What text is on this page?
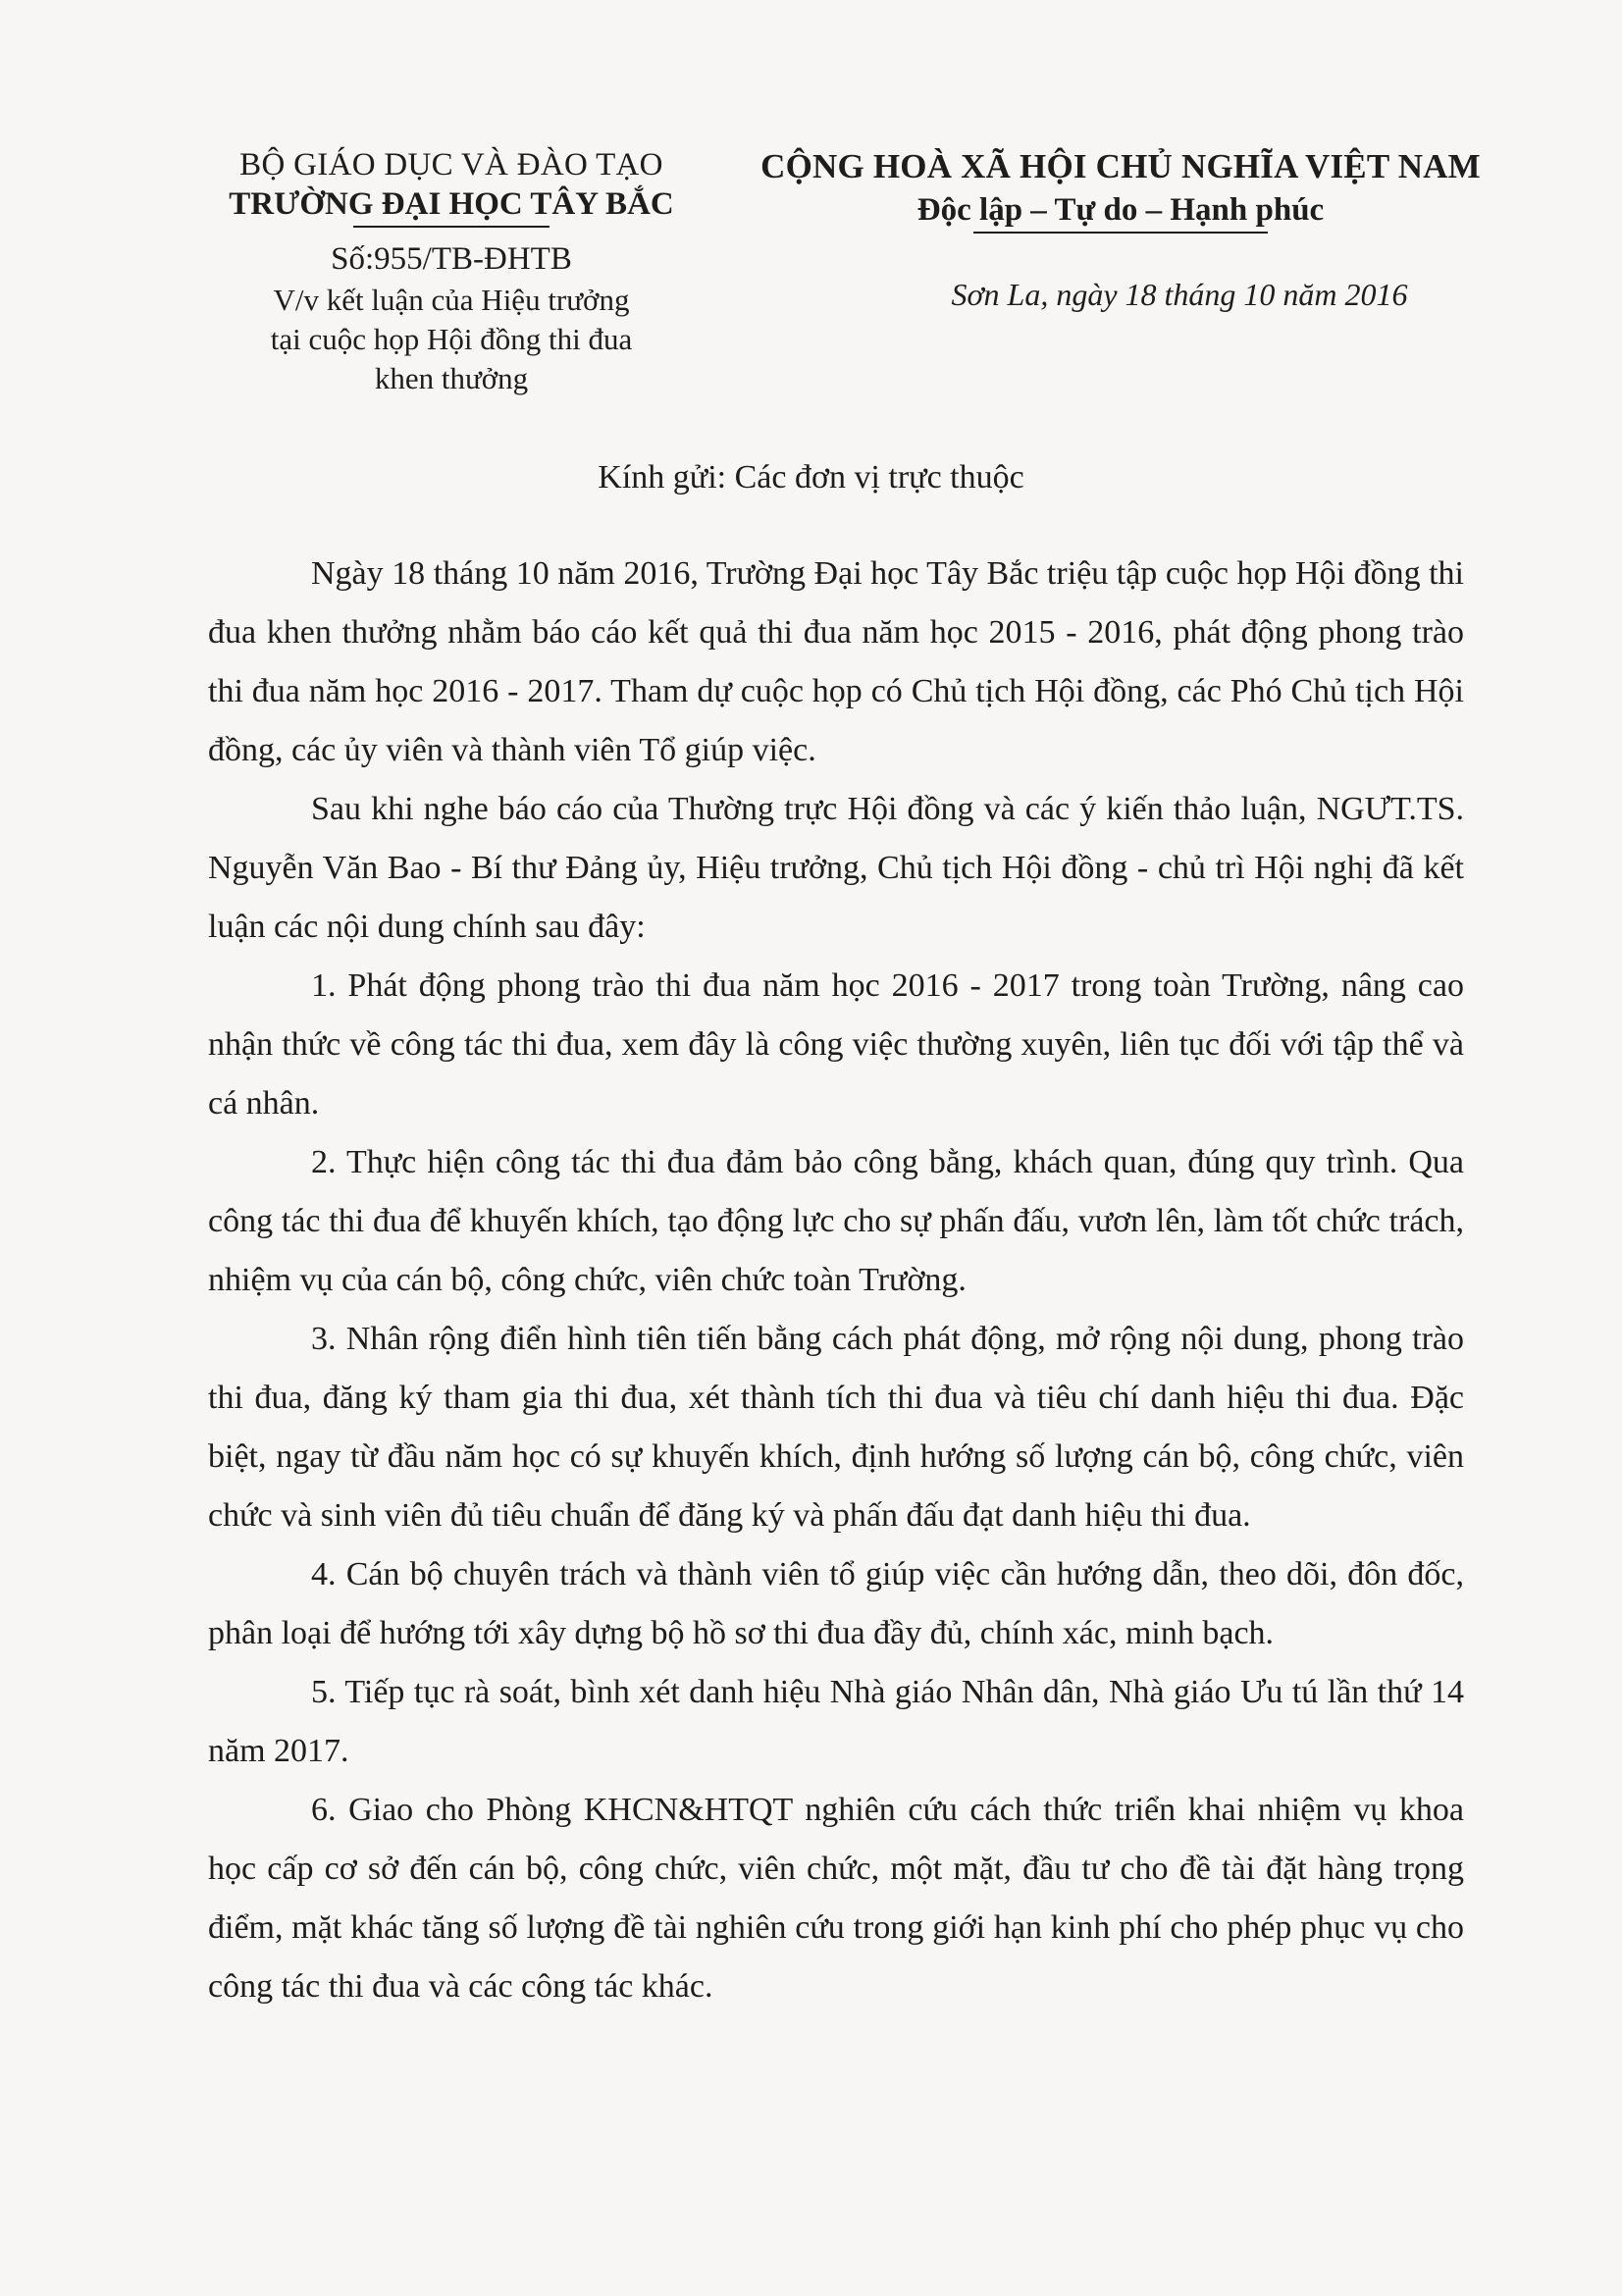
BỘ GIÁO DỤC VÀ ĐÀO TẠO
TRƯỜNG ĐẠI HỌC TÂY BẮC
Số:955/TB-ĐHTB
V/v kết luận của Hiệu trưởng
tại cuộc họp Hội đồng thi đua
khen thưởng
CỘNG HOÀ XÃ HỘI CHỦ NGHĨA VIỆT NAM
Độc lập – Tự do – Hạnh phúc
Sơn La, ngày 18 tháng 10 năm 2016
Kính gửi: Các đơn vị trực thuộc

Ngày 18 tháng 10 năm 2016, Trường Đại học Tây Bắc triệu tập cuộc họp Hội đồng thi đua khen thưởng nhằm báo cáo kết quả thi đua năm học 2015 - 2016, phát động phong trào thi đua năm học 2016 - 2017. Tham dự cuộc họp có Chủ tịch Hội đồng, các Phó Chủ tịch Hội đồng, các ủy viên và thành viên Tổ giúp việc.

Sau khi nghe báo cáo của Thường trực Hội đồng và các ý kiến thảo luận, NGƯT.TS. Nguyễn Văn Bao - Bí thư Đảng ủy, Hiệu trưởng, Chủ tịch Hội đồng - chủ trì Hội nghị đã kết luận các nội dung chính sau đây:

1. Phát động phong trào thi đua năm học 2016 - 2017 trong toàn Trường, nâng cao nhận thức về công tác thi đua, xem đây là công việc thường xuyên, liên tục đối với tập thể và cá nhân.

2. Thực hiện công tác thi đua đảm bảo công bằng, khách quan, đúng quy trình. Qua công tác thi đua để khuyến khích, tạo động lực cho sự phấn đấu, vươn lên, làm tốt chức trách, nhiệm vụ của cán bộ, công chức, viên chức toàn Trường.

3. Nhân rộng điển hình tiên tiến bằng cách phát động, mở rộng nội dung, phong trào thi đua, đăng ký tham gia thi đua, xét thành tích thi đua và tiêu chí danh hiệu thi đua. Đặc biệt, ngay từ đầu năm học có sự khuyến khích, định hướng số lượng cán bộ, công chức, viên chức và sinh viên đủ tiêu chuẩn để đăng ký và phấn đấu đạt danh hiệu thi đua.

4. Cán bộ chuyên trách và thành viên tổ giúp việc cần hướng dẫn, theo dõi, đôn đốc, phân loại để hướng tới xây dựng bộ hồ sơ thi đua đầy đủ, chính xác, minh bạch.

5. Tiếp tục rà soát, bình xét danh hiệu Nhà giáo Nhân dân, Nhà giáo Ưu tú lần thứ 14 năm 2017.

6. Giao cho Phòng KHCN&HTQT nghiên cứu cách thức triển khai nhiệm vụ khoa học cấp cơ sở đến cán bộ, công chức, viên chức, một mặt, đầu tư cho đề tài đặt hàng trọng điểm, mặt khác tăng số lượng đề tài nghiên cứu trong giới hạn kinh phí cho phép phục vụ cho công tác thi đua và các công tác khác.
